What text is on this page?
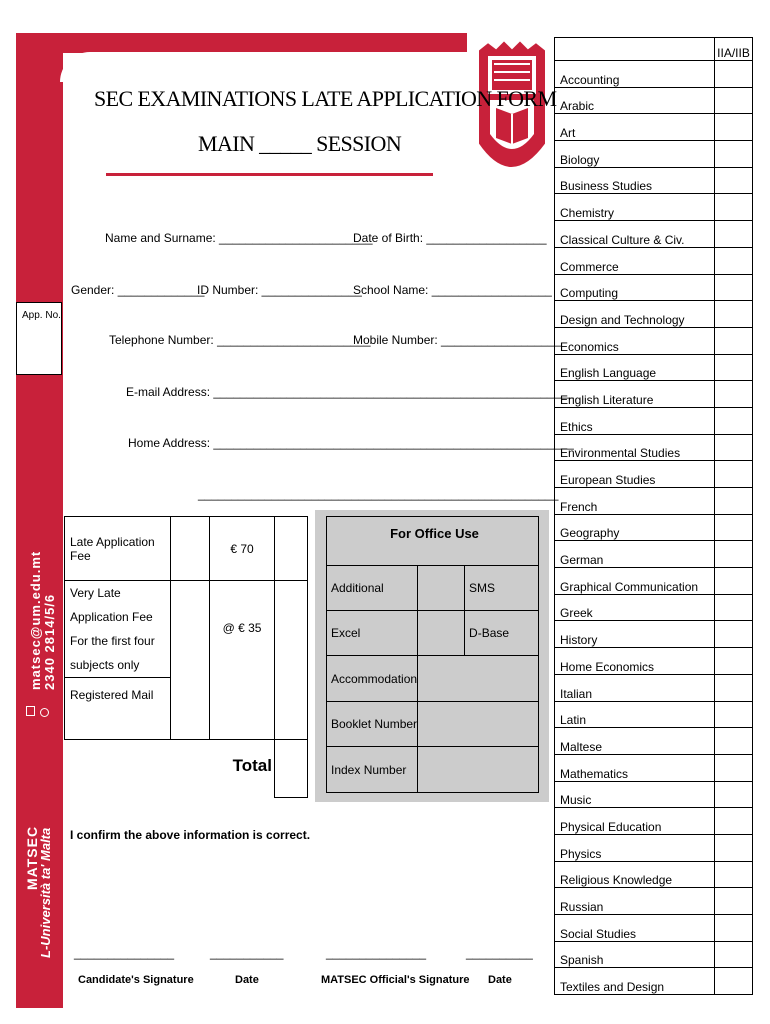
App. No.
matsec@um.edu.mt 2340 2814/5/6
MATSEC
L-Università ta' Malta
SEC EXAMINATIONS LATE APPLICATION FORM
MAIN _____ SESSION
Name and Surname: _______________________
Date of Birth: __________________
Gender: _____________
ID Number: _______________
School Name: __________________
Telephone Number: _______________________
Mobile Number: __________________
E-mail Address: ______________________________________________________
Home Address: ______________________________________________________
______________________________________________________
	IIA/IIB
Accounting	
Arabic	
Art	
Biology	
Business Studies	
Chemistry	
Classical Culture & Civ.	
Commerce	
Computing	
Design and Technology	
Economics	
English Language	
English Literature	
Ethics	
Environmental Studies	
European Studies	
French	
Geography	
German	
Graphical Communication	
Greek	
History	
Home Economics	
Italian	
Latin	
Maltese	
Mathematics	
Music	
Physical Education	
Physics	
Religious Knowledge	
Russian	
Social Studies	
Spanish	
Textiles and Design	
Late Application Fee		€ 70	

Very Late Application Fee
For the first four subjects only		@ € 35	
Registered Mail			
Total			
For Office Use		
Additional		SMS
Excel		D-Base
Accommodation		
Booklet Number		
Index Number		
I confirm the above information is correct.
_______________	___________	_______________	__________
Candidate's Signature	Date	MATSEC Official's Signature Date
